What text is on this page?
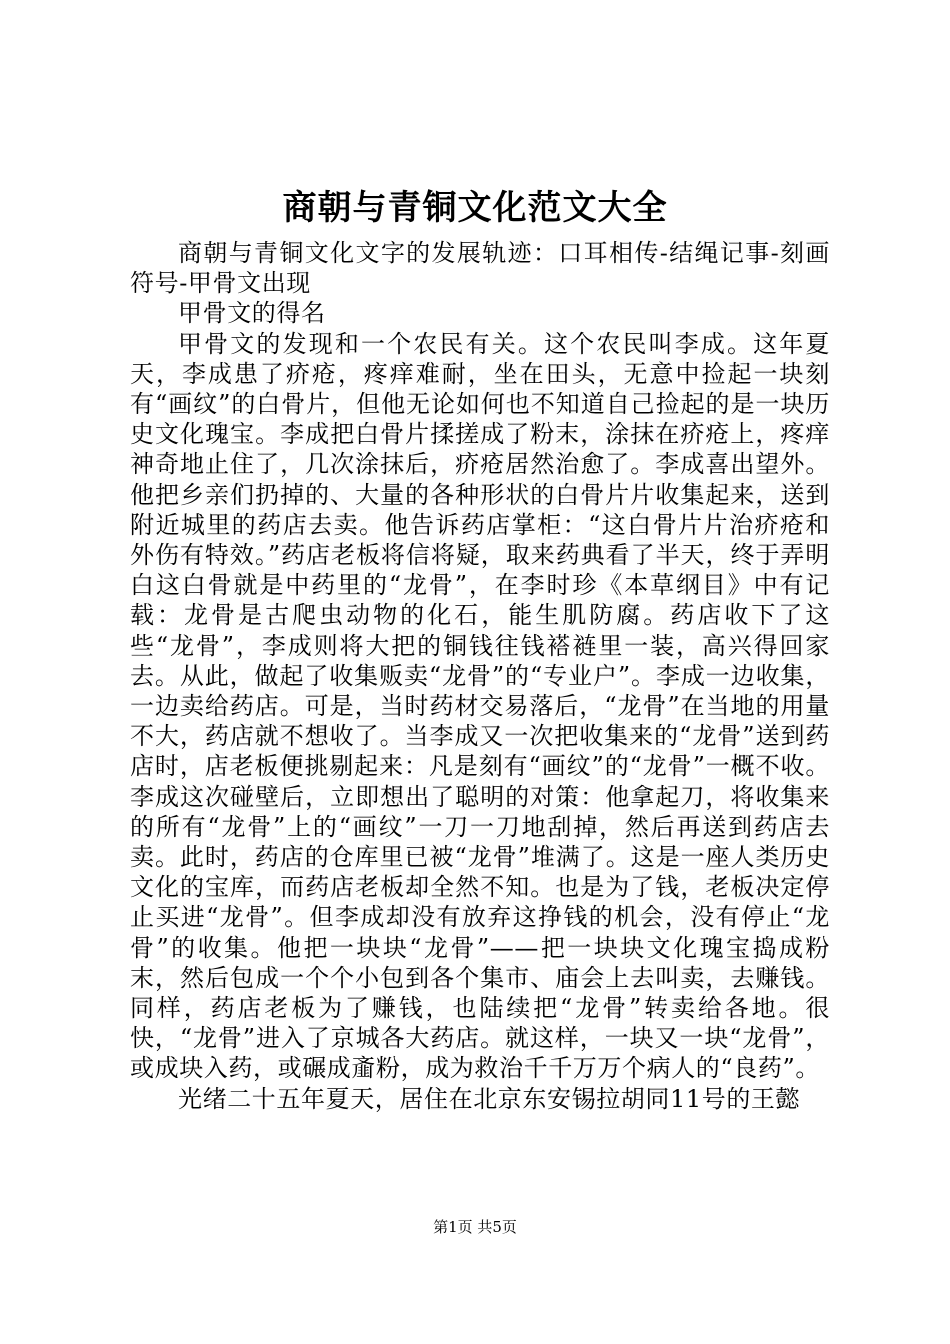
商朝与青铜文化范文大全

商朝与青铜文化文字的发展轨迹：口耳相传-结绳记事-刻画符号-甲骨文出现

甲骨文的得名

甲骨文的发现和一个农民有关。这个农民叫李成。这年夏天，李成患了疥疮，疼痒难耐，坐在田头，无意中捡起一块刻有“画纹”的白骨片，但他无论如何也不知道自己捡起的是一块历史文化瑰宝。李成把白骨片揉搓成了粉末，涂抹在疥疮上，疼痒神奇地止住了，几次涂抹后，疥疮居然治愈了。李成喜出望外。他把乡亲们扔掉的、大量的各种形状的白骨片片收集起来，送到附近城里的药店去卖。他告诉药店掌柜：“这白骨片片治疥疮和外伤有特效。”药店老板将信将疑，取来药典看了半天，终于弄明白这白骨就是中药里的“龙骨”，在李时珍《本草纲目》中有记载：龙骨是古爬虫动物的化石，能生肌防腐。药店收下了这些“龙骨”，李成则将大把的铜钱往钱褡裢里一装，高兴得回家去。从此，做起了收集贩卖“龙骨”的“专业户”。李成一边收集，一边卖给药店。可是，当时药材交易落后，“龙骨”在当地的用量不大，药店就不想收了。当李成又一次把收集来的“龙骨”送到药店时，店老板便挑剔起来：凡是刻有“画纹”的“龙骨”一概不收。李成这次碰壁后，立即想出了聪明的对策：他拿起刀，将收集来的所有“龙骨”上的“画纹”一刀一刀地刮掉，然后再送到药店去卖。此时，药店的仓库里已被“龙骨”堆满了。这是一座人类历史文化的宝库，而药店老板却全然不知。也是为了钱，老板决定停止买进“龙骨”。但李成却没有放弃这挣钱的机会，没有停止“龙骨”的收集。他把一块块“龙骨”——把一块块文化瑰宝捣成粉末，然后包成一个个小包到各个集市、庙会上去叫卖，去赚钱。同样，药店老板为了赚钱，也陆续把“龙骨”转卖给各地。很快，“龙骨”进入了京城各大药店。就这样，一块又一块“龙骨”，或成块入药，或碾成齑粉，成为救治千千万万个病人的“良药”。

光绪二十五年夏天，居住在北京东安锡拉胡同11号的王懿

第1页 共5页
